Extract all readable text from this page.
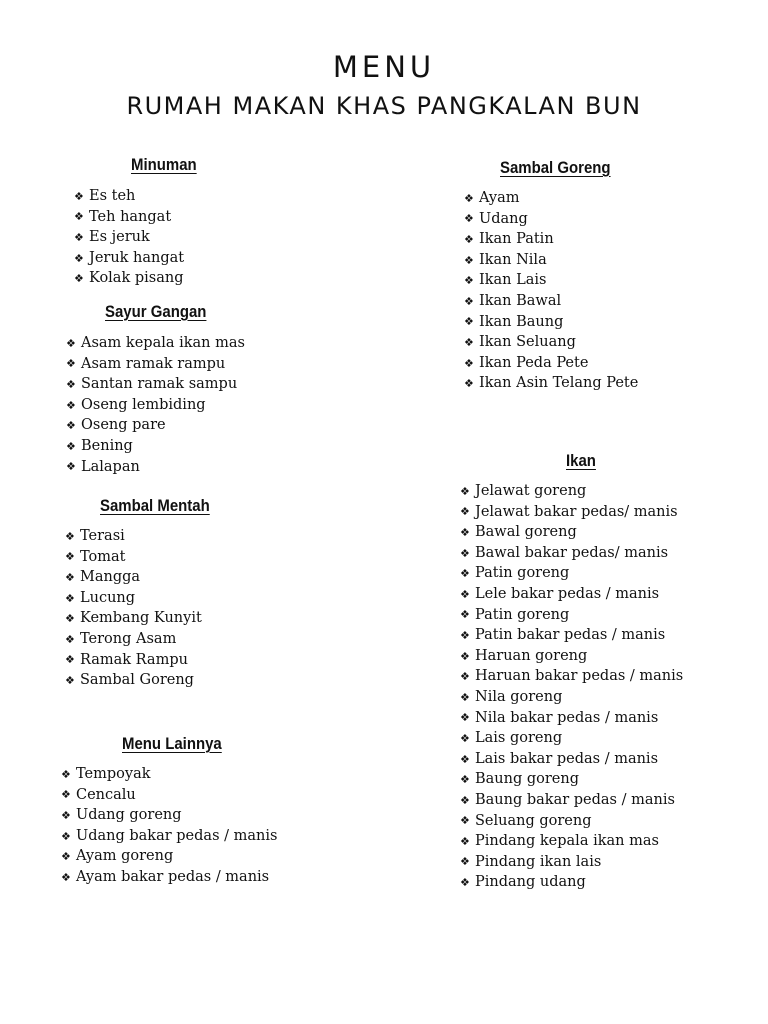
MENU
RUMAH MAKAN KHAS PANGKALAN BUN
Minuman
❖ Es teh
❖ Teh hangat
❖ Es jeruk
❖ Jeruk hangat
❖ Kolak pisang
Sayur Gangan
❖ Asam kepala ikan mas
❖ Asam ramak rampu
❖ Santan ramak sampu
❖ Oseng lembiding
❖ Oseng pare
❖ Bening
❖ Lalapan
Sambal Mentah
❖ Terasi
❖ Tomat
❖ Mangga
❖ Lucung
❖ Kembang Kunyit
❖ Terong Asam
❖ Ramak Rampu
❖ Sambal Goreng
Menu Lainnya
❖ Tempoyak
❖ Cencalu
❖ Udang goreng
❖ Udang bakar pedas / manis
❖ Ayam goreng
❖ Ayam bakar pedas / manis
Sambal Goreng
❖ Ayam
❖ Udang
❖ Ikan Patin
❖ Ikan Nila
❖ Ikan Lais
❖ Ikan Bawal
❖ Ikan Baung
❖ Ikan Seluang
❖ Ikan Peda Pete
❖ Ikan Asin Telang Pete
Ikan
❖ Jelawat goreng
❖ Jelawat bakar pedas/ manis
❖ Bawal goreng
❖ Bawal bakar pedas/ manis
❖ Patin goreng
❖ Lele bakar pedas / manis
❖ Patin goreng
❖ Patin bakar pedas / manis
❖ Haruan goreng
❖ Haruan bakar pedas / manis
❖ Nila goreng
❖ Nila bakar pedas / manis
❖ Lais goreng
❖ Lais bakar pedas / manis
❖ Baung goreng
❖ Baung bakar pedas / manis
❖ Seluang goreng
❖ Pindang kepala ikan mas
❖ Pindang ikan lais
❖ Pindang udang
